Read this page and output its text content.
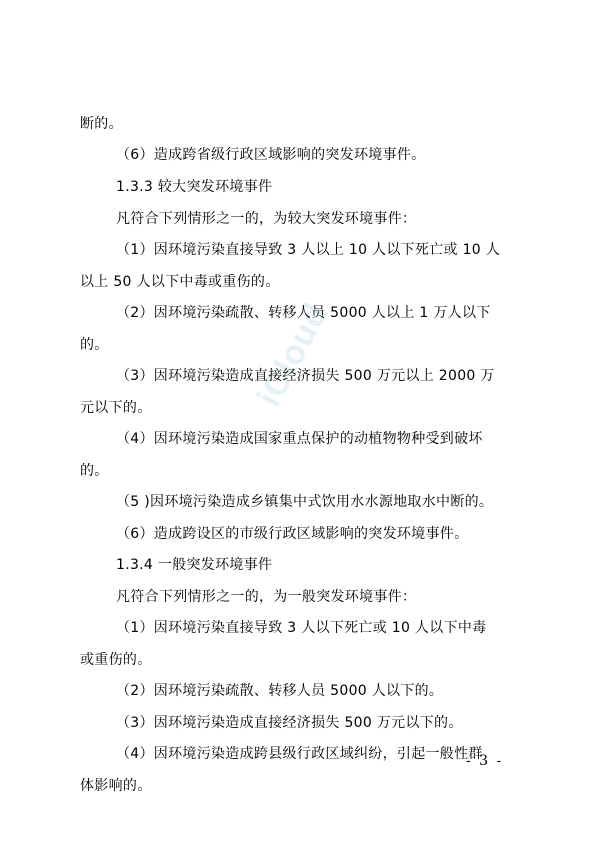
iCloud
断的。
（6）造成跨省级行政区域影响的突发环境事件。
1.3.3 较大突发环境事件
凡符合下列情形之一的，为较大突发环境事件：
（1）因环境污染直接导致 3 人以上 10 人以下死亡或 10 人
以上 50 人以下中毒或重伤的。
（2）因环境污染疏散、转移人员 5000 人以上 1 万人以下
的。
（3）因环境污染造成直接经济损失 500 万元以上 2000 万
元以下的。
（4）因环境污染造成国家重点保护的动植物物种受到破坏
的。
（5 )因环境污染造成乡镇集中式饮用水水源地取水中断的。
（6）造成跨设区的市级行政区域影响的突发环境事件。
1.3.4 一般突发环境事件
凡符合下列情形之一的，为一般突发环境事件：
（1）因环境污染直接导致 3 人以下死亡或 10 人以下中毒
或重伤的。
（2）因环境污染疏散、转移人员 5000 人以下的。
（3）因环境污染造成直接经济损失 500 万元以下的。
（4）因环境污染造成跨县级行政区域纠纷，引起一般性群
体影响的。
- 3 -
